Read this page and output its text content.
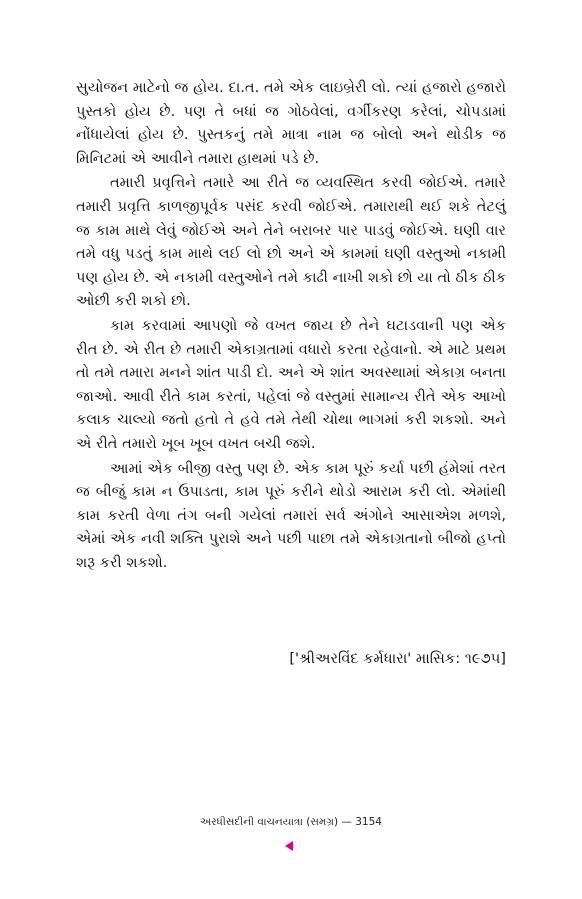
સુયોજન માટેનો જ હોય. દા.ત. તમે એક લાઇબ્રેરી લો. ત્યાં હજારો હજારો પુસ્તકો હોય છે. પણ તે બધાં જ ગોઠવેલાં, વર્ગીકરણ કરેલાં, ચોપડામાં નોંધાયેલાં હોય છે. પુસ્તકનું તમે માત્રા નામ જ બોલો અને થોડીક જ મિનિટમાં એ આવીને તમારા હાથમાં પડે છે.

તમારી પ્રવૃત્તિને તમારે આ રીતે જ વ્યવસ્થિત કરવી જોઈએ. તમારે તમારી પ્રવૃત્તિ કાળજીપૂર્વક પસંદ કરવી જોઈએ. તમારાથી થઈ શકે તેટલું જ કામ માથે લેવું જોઈએ અને તેને બરાબર પાર પાડવું જોઈએ. ઘણી વાર તમે વધુ પડતું કામ માથે લઈ લો છો અને એ કામમાં ઘણી વસ્તુઓ નકામી પણ હોય છે. એ નકામી વસ્તુઓને તમે કાઢી નાખી શકો છો યા તો ઠીક ઠીક ઓછી કરી શકો છો.

કામ કરવામાં આપણો જે વખત જાય છે તેને ઘટાડવાની પણ એક રીત છે. એ રીત છે તમારી એકાગ્રતામાં વધારો કરતા રહેવાનો. એ માટે પ્રથમ તો તમે તમારા મનને શાંત પાડી દો. અને એ શાંત અવસ્થામાં એકાગ્ર બનતા જાઓ. આવી રીતે કામ કરતાં, પહેલાં જે વસ્તુમાં સામાન્ય રીતે એક આખો કલાક ચાલ્યો જતો હતો તે હવે તમે તેથી ચોથા ભાગમાં કરી શકશો. અને એ રીતે તમારો ખૂબ ખૂબ વખત બચી જશે.

આમાં એક બીજી વસ્તુ પણ છે. એક કામ પૂરું કર્યા પછી હંમેશાં તરત જ બીજું કામ ન ઉપાડતા, કામ પૂરું કરીને થોડો આરામ કરી લો. એમાંથી કામ કરતી વેળા તંગ બની ગયેલાં તમારાં સર્વ અંગોને આસાએશ મળશે, એમાં એક નવી શક્તિ પુરાશે અને પછી પાછા તમે એકાગ્રતાનો બીજો હપ્તો શરૂ કરી શકશો.

['શ્રીઅરવિંદ કર્મધારા' માસિક: ૧૯૭૫]
અરધીસદીની વાચનયાત્રા (સમગ્ર) — 3154
